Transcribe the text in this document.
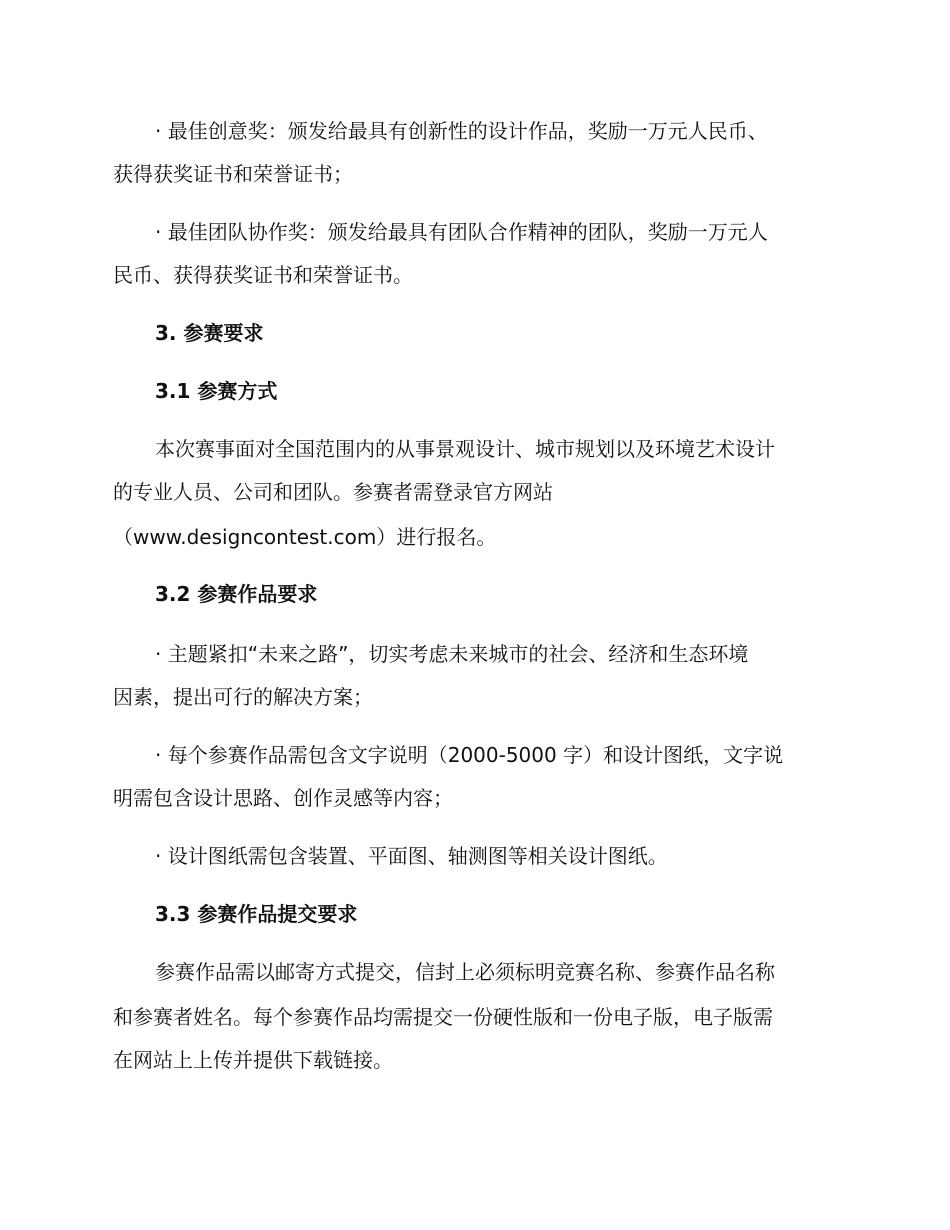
· 最佳创意奖：颁发给最具有创新性的设计作品，奖励一万元人民币、
获得获奖证书和荣誉证书；
· 最佳团队协作奖：颁发给最具有团队合作精神的团队，奖励一万元人
民币、获得获奖证书和荣誉证书。
3. 参赛要求
3.1 参赛方式
本次赛事面对全国范围内的从事景观设计、城市规划以及环境艺术设计
的专业人员、公司和团队。参赛者需登录官方网站
（www.designcontest.com）进行报名。
3.2 参赛作品要求
· 主题紧扣“未来之路”，切实考虑未来城市的社会、经济和生态环境
因素，提出可行的解决方案；
· 每个参赛作品需包含文字说明（2000-5000 字）和设计图纸，文字说
明需包含设计思路、创作灵感等内容；
· 设计图纸需包含装置、平面图、轴测图等相关设计图纸。
3.3 参赛作品提交要求
参赛作品需以邮寄方式提交，信封上必须标明竞赛名称、参赛作品名称
和参赛者姓名。每个参赛作品均需提交一份硬性版和一份电子版，电子版需
在网站上上传并提供下载链接。
